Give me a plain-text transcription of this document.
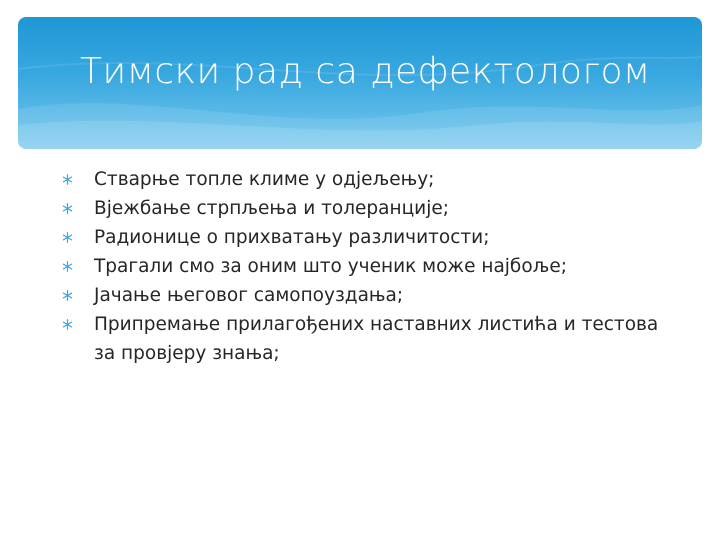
Тимски рад са дефектологом
Стварње топле климе у одјељењу;
Вјежбање стрпљења и толеранције;
Радионице о прихватању различитости;
Трагали смо за оним што ученик може најбоље;
Јачање његовог самопоуздања;
Припремање прилагођених наставних листића и тестова за провјеру знања;
